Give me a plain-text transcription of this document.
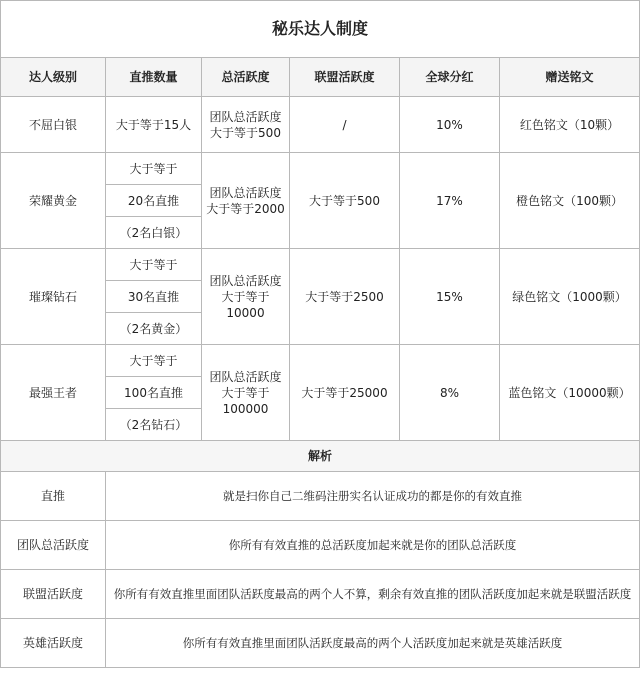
秘乐达人制度					
达人级别	直推数量	总活跃度	联盟活跃度	全球分红	赠送铭文
不屈白银	大于等于15人	团队总活跃度大于等于500	/	10%	红色铭文（10颗）
荣耀黄金	大于等于	团队总活跃度大于等于2000	大于等于500	17%	橙色铭文（100颗）
	20名直推				
	（2名白银）				
璀璨钻石	大于等于	团队总活跃度大于等于10000	大于等于2500	15%	绿色铭文（1000颗）
	30名直推				
	（2名黄金）				
最强王者	大于等于	团队总活跃度大于等于100000	大于等于25000	8%	蓝色铭文（10000颗）
	100名直推				
	（2名钻石）				
解析					
直推	就是扫你自己二维码注册实名认证成功的都是你的有效直推				
团队总活跃度	你所有有效直推的总活跃度加起来就是你的团队总活跃度				
联盟活跃度	你所有有效直推里面团队活跃度最高的两个人不算，剩余有效直推的团队活跃度加起来就是联盟活跃度				
英雄活跃度	你所有有效直推里面团队活跃度最高的两个人活跃度加起来就是英雄活跃度				
